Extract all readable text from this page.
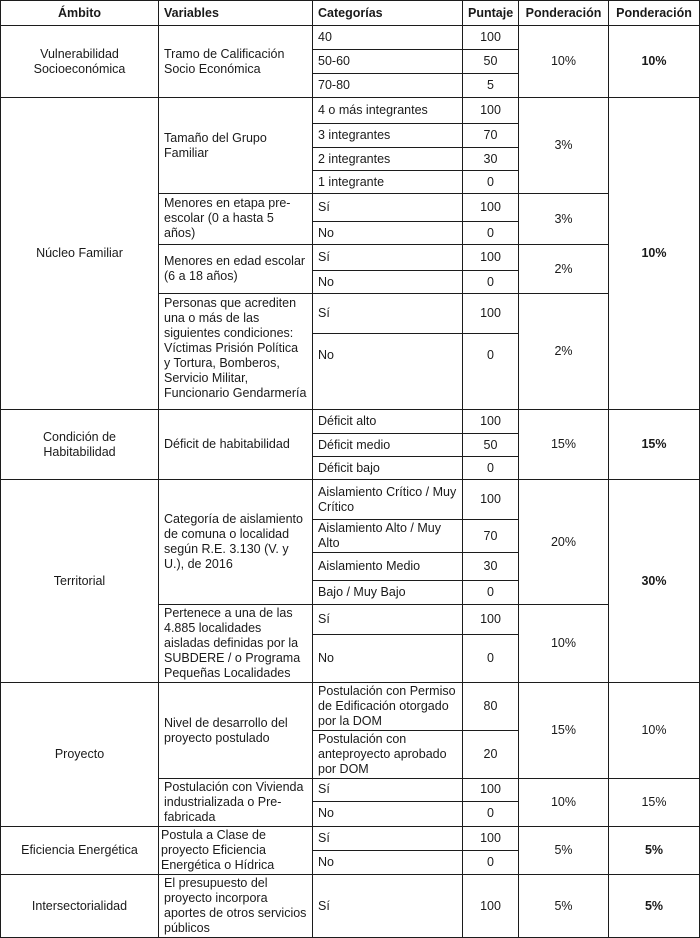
Ámbito	Variables	Categorías	Puntaje	Ponderación	Ponderación
Vulnerabilidad Socioeconómica	Tramo de Calificación Socio Económica	40	100	10%	10%
		50-60	50		
		70-80	5		
Núcleo Familiar	Tamaño del Grupo Familiar	4 o más integrantes	100	3%	10%
		3 integrantes	70		
		2 integrantes	30		
		1 integrante	0		
	Menores en etapa pre-escolar (0 a hasta 5 años)	Sí	100	3%	
		No	0		
	Menores en edad escolar (6 a 18 años)	Sí	100	2%	
		No	0		
	Personas que acrediten una o más de las siguientes condiciones: Víctimas Prisión Política y Tortura, Bomberos, Servicio Militar, Funcionario Gendarmería	Sí	100	2%	
		No	0		
Condición de Habitabilidad	Déficit de habitabilidad	Déficit alto	100	15%	15%
		Déficit medio	50		
		Déficit bajo	0		
Territorial	Categoría de aislamiento de comuna o localidad según R.E. 3.130 (V. y U.), de 2016	Aislamiento Crítico / Muy Crítico	100	20%	30%
		Aislamiento Alto / Muy Alto	70		
		Aislamiento Medio	30		
		Bajo / Muy Bajo	0		
	Pertenece a una de las 4.885 localidades aisladas definidas por la SUBDERE / o Programa Pequeñas Localidades	Sí	100	10%	
		No	0		
Proyecto	Nivel de desarrollo del proyecto postulado	Postulación con Permiso de Edificación otorgado por la DOM	80	15%	10%
		Postulación con anteproyecto aprobado por DOM	20		
	Postulación con Vivienda industrializada o Pre-fabricada	Sí	100	10%	15%
		No	0		
Eficiencia Energética	Postula a Clase de proyecto Eficiencia Energética o Hídrica	Sí	100	5%	5%
		No	0		
Intersectorialidad	El presupuesto del proyecto incorpora aportes de otros servicios públicos	Sí	100	5%	5%
